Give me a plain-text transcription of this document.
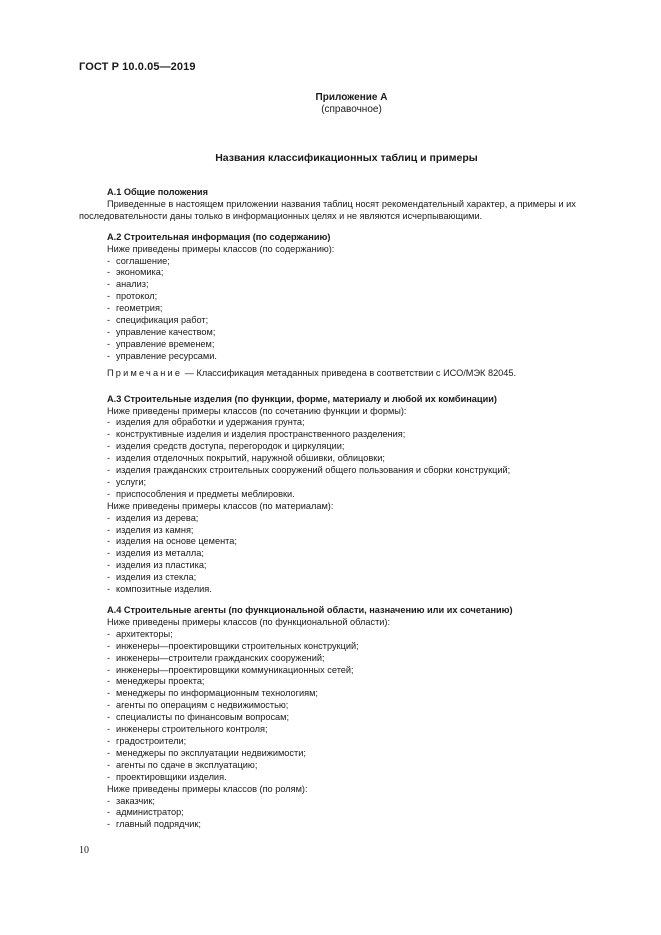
ГОСТ Р 10.0.05—2019
Приложение А
(справочное)
Названия классификационных таблиц и примеры
А.1 Общие положения
Приведенные в настоящем приложении названия таблиц носят рекомендательный характер, а примеры и их последовательности даны только в информационных целях и не являются исчерпывающими.
А.2 Строительная информация (по содержанию)
Ниже приведены примеры классов (по содержанию):
- соглашение;
- экономика;
- анализ;
- протокол;
- геометрия;
- спецификация работ;
- управление качеством;
- управление временем;
- управление ресурсами.
Примечание — Классификация метаданных приведена в соответствии с ИСО/МЭК 82045.
А.3 Строительные изделия (по функции, форме, материалу и любой их комбинации)
Ниже приведены примеры классов (по сочетанию функции и формы):
- изделия для обработки и удержания грунта;
- конструктивные изделия и изделия пространственного разделения;
- изделия средств доступа, перегородок и циркуляции;
- изделия отделочных покрытий, наружной обшивки, облицовки;
- изделия гражданских строительных сооружений общего пользования и сборки конструкций;
- услуги;
- приспособления и предметы меблировки.
Ниже приведены примеры классов (по материалам):
- изделия из дерева;
- изделия из камня;
- изделия на основе цемента;
- изделия из металла;
- изделия из пластика;
- изделия из стекла;
- композитные изделия.
А.4 Строительные агенты (по функциональной области, назначению или их сочетанию)
Ниже приведены примеры классов (по функциональной области):
- архитекторы;
- инженеры—проектировщики строительных конструкций;
- инженеры—строители гражданских сооружений;
- инженеры—проектировщики коммуникационных сетей;
- менеджеры проекта;
- менеджеры по информационным технологиям;
- агенты по операциям с недвижимостью;
- специалисты по финансовым вопросам;
- инженеры строительного контроля;
- градостроители;
- менеджеры по эксплуатации недвижимости;
- агенты по сдаче в эксплуатацию;
- проектировщики изделия.
Ниже приведены примеры классов (по ролям):
- заказчик;
- администратор;
- главный подрядчик;
10
